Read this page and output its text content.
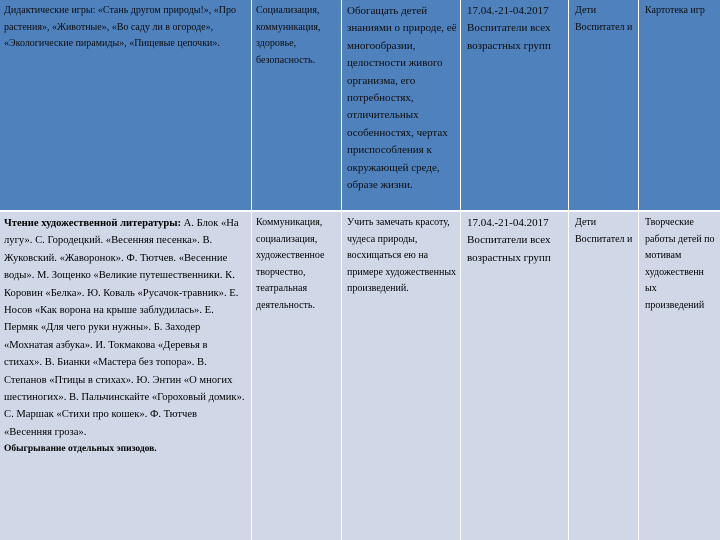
Дидактические игры: «Стань другом природы!», «Про растения», «Животные», «Во саду ли в огороде», «Экологические пирамиды», «Пищевые цепочки».
Социализация, коммуникация, здоровье, безопасность.
Обогащать детей знаниями о природе, её многообразии, целостности живого организма, его потребностях, отличительных особенностях, чертах приспособления к окружающей среде, образе жизни.
17.04.-21-04.2017
Воспитатели всех возрастных групп
Дети Воспитател и
Картотека игр

Чтение художественной литературы: А. Блок «На лугу». С. Городецкий. «Весенняя песенка». В. Жуковский. «Жаворонок». Ф. Тютчев. «Весенние воды». М. Зощенко «Великие путешественники. К. Коровин «Белка». Ю. Коваль «Русачок-травник». Е. Носов «Как ворона на крыше заблудилась». Е. Пермяк «Для чего руки нужны». Б. Заходер «Мохнатая азбука». И. Токмакова «Деревья в стихах». В. Бианки «Мастера без топора». В. Степанов «Птицы в стихах». Ю. Энтин «О многих шестиногих». В. Пальчинскайте «Гороховый домик». С. Маршак «Стихи про кошек». Ф. Тютчев «Весенняя гроза».

Обыгрывание отдельных эпизодов.

Коммуникация, социализация, художественное творчество, театральная деятельность.
Учить замечать красоту, чудеса природы, восхищаться ею на примере художественных произведений.
17.04.-21-04.2017
Воспитатели всех возрастных групп
Дети Воспитател и
Творческие работы детей по мотивам художественн ых произведений
